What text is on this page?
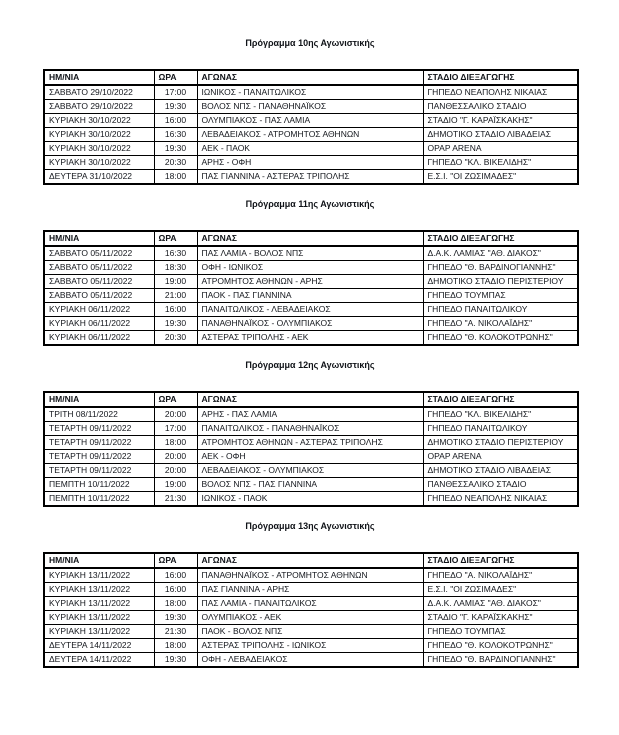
Πρόγραμμα 10ης Αγωνιστικής
ΗΜ/ΝΙΑ	ΩΡΑ	ΑΓΩΝΑΣ	ΣΤΑΔΙΟ ΔΙΕΞΑΓΩΓΗΣ
ΣΑΒΒΑΤΟ 29/10/2022	17:00	ΙΩΝΙΚΟΣ - ΠΑΝΑΙΤΩΛΙΚΟΣ	ΓΗΠΕΔΟ ΝΕΑΠΟΛΗΣ ΝΙΚΑΙΑΣ
ΣΑΒΒΑΤΟ 29/10/2022	19:30	ΒΟΛΟΣ ΝΠΣ - ΠΑΝΑΘΗΝΑΪΚΟΣ	ΠΑΝΘΕΣΣΑΛΙΚΟ ΣΤΑΔΙΟ
ΚΥΡΙΑΚΗ 30/10/2022	16:00	ΟΛΥΜΠΙΑΚΟΣ - ΠΑΣ ΛΑΜΙΑ	ΣΤΑΔΙΟ "Γ. ΚΑΡΑΪΣΚΑΚΗΣ"
ΚΥΡΙΑΚΗ 30/10/2022	16:30	ΛΕΒΑΔΕΙΑΚΟΣ - ΑΤΡΟΜΗΤΟΣ ΑΘΗΝΩΝ	ΔΗΜΟΤΙΚΟ ΣΤΑΔΙΟ ΛΙΒΑΔΕΙΑΣ
ΚΥΡΙΑΚΗ 30/10/2022	19:30	ΑΕΚ - ΠΑΟΚ	OPAP ARENA
ΚΥΡΙΑΚΗ 30/10/2022	20:30	ΑΡΗΣ - ΟΦΗ	ΓΗΠΕΔΟ "ΚΛ. ΒΙΚΕΛΙΔΗΣ"
ΔΕΥΤΕΡΑ 31/10/2022	18:00	ΠΑΣ ΓΙΑΝΝΙΝΑ - ΑΣΤΕΡΑΣ ΤΡΙΠΟΛΗΣ	Ε.Σ.Ι. "ΟΙ ΖΩΣΙΜΑΔΕΣ"
Πρόγραμμα 11ης Αγωνιστικής
ΗΜ/ΝΙΑ	ΩΡΑ	ΑΓΩΝΑΣ	ΣΤΑΔΙΟ ΔΙΕΞΑΓΩΓΗΣ
ΣΑΒΒΑΤΟ 05/11/2022	16:30	ΠΑΣ ΛΑΜΙΑ - ΒΟΛΟΣ ΝΠΣ	Δ.Α.Κ. ΛΑΜΙΑΣ "ΑΘ. ΔΙΑΚΟΣ"
ΣΑΒΒΑΤΟ 05/11/2022	18:30	ΟΦΗ - ΙΩΝΙΚΟΣ	ΓΗΠΕΔΟ "Θ. ΒΑΡΔΙΝΟΓΙΑΝΝΗΣ"
ΣΑΒΒΑΤΟ 05/11/2022	19:00	ΑΤΡΟΜΗΤΟΣ ΑΘΗΝΩΝ - ΑΡΗΣ	ΔΗΜΟΤΙΚΟ ΣΤΑΔΙΟ ΠΕΡΙΣΤΕΡΙΟΥ
ΣΑΒΒΑΤΟ 05/11/2022	21:00	ΠΑΟΚ - ΠΑΣ ΓΙΑΝΝΙΝΑ	ΓΗΠΕΔΟ ΤΟΥΜΠΑΣ
ΚΥΡΙΑΚΗ 06/11/2022	16:00	ΠΑΝΑΙΤΩΛΙΚΟΣ - ΛΕΒΑΔΕΙΑΚΟΣ	ΓΗΠΕΔΟ ΠΑΝΑΙΤΩΛΙΚΟΥ
ΚΥΡΙΑΚΗ 06/11/2022	19:30	ΠΑΝΑΘΗΝΑΪΚΟΣ - ΟΛΥΜΠΙΑΚΟΣ	ΓΗΠΕΔΟ "Α. ΝΙΚΟΛΑΪΔΗΣ"
ΚΥΡΙΑΚΗ 06/11/2022	20:30	ΑΣΤΕΡΑΣ ΤΡΙΠΟΛΗΣ - ΑΕΚ	ΓΗΠΕΔΟ "Θ. ΚΟΛΟΚΟΤΡΩΝΗΣ"
Πρόγραμμα 12ης Αγωνιστικής
ΗΜ/ΝΙΑ	ΩΡΑ	ΑΓΩΝΑΣ	ΣΤΑΔΙΟ ΔΙΕΞΑΓΩΓΗΣ
ΤΡΙΤΗ 08/11/2022	20:00	ΑΡΗΣ - ΠΑΣ ΛΑΜΙΑ	ΓΗΠΕΔΟ "ΚΛ. ΒΙΚΕΛΙΔΗΣ"
ΤΕΤΑΡΤΗ 09/11/2022	17:00	ΠΑΝΑΙΤΩΛΙΚΟΣ - ΠΑΝΑΘΗΝΑΪΚΟΣ	ΓΗΠΕΔΟ ΠΑΝΑΙΤΩΛΙΚΟΥ
ΤΕΤΑΡΤΗ 09/11/2022	18:00	ΑΤΡΟΜΗΤΟΣ ΑΘΗΝΩΝ - ΑΣΤΕΡΑΣ ΤΡΙΠΟΛΗΣ	ΔΗΜΟΤΙΚΟ ΣΤΑΔΙΟ ΠΕΡΙΣΤΕΡΙΟΥ
ΤΕΤΑΡΤΗ 09/11/2022	20:00	ΑΕΚ - ΟΦΗ	OPAP ARENA
ΤΕΤΑΡΤΗ 09/11/2022	20:00	ΛΕΒΑΔΕΙΑΚΟΣ - ΟΛΥΜΠΙΑΚΟΣ	ΔΗΜΟΤΙΚΟ ΣΤΑΔΙΟ ΛΙΒΑΔΕΙΑΣ
ΠΕΜΠΤΗ 10/11/2022	19:00	ΒΟΛΟΣ ΝΠΣ - ΠΑΣ ΓΙΑΝΝΙΝΑ	ΠΑΝΘΕΣΣΑΛΙΚΟ ΣΤΑΔΙΟ
ΠΕΜΠΤΗ 10/11/2022	21:30	ΙΩΝΙΚΟΣ - ΠΑΟΚ	ΓΗΠΕΔΟ ΝΕΑΠΟΛΗΣ ΝΙΚΑΙΑΣ
Πρόγραμμα 13ης Αγωνιστικής
ΗΜ/ΝΙΑ	ΩΡΑ	ΑΓΩΝΑΣ	ΣΤΑΔΙΟ ΔΙΕΞΑΓΩΓΗΣ
ΚΥΡΙΑΚΗ 13/11/2022	16:00	ΠΑΝΑΘΗΝΑΪΚΟΣ - ΑΤΡΟΜΗΤΟΣ ΑΘΗΝΩΝ	ΓΗΠΕΔΟ "Α. ΝΙΚΟΛΑΪΔΗΣ"
ΚΥΡΙΑΚΗ 13/11/2022	16:00	ΠΑΣ ΓΙΑΝΝΙΝΑ - ΑΡΗΣ	Ε.Σ.Ι. "ΟΙ ΖΩΣΙΜΑΔΕΣ"
ΚΥΡΙΑΚΗ 13/11/2022	18:00	ΠΑΣ ΛΑΜΙΑ - ΠΑΝΑΙΤΩΛΙΚΟΣ	Δ.Α.Κ. ΛΑΜΙΑΣ "ΑΘ. ΔΙΑΚΟΣ"
ΚΥΡΙΑΚΗ 13/11/2022	19:30	ΟΛΥΜΠΙΑΚΟΣ - ΑΕΚ	ΣΤΑΔΙΟ "Γ. ΚΑΡΑΪΣΚΑΚΗΣ"
ΚΥΡΙΑΚΗ 13/11/2022	21:30	ΠΑΟΚ - ΒΟΛΟΣ ΝΠΣ	ΓΗΠΕΔΟ ΤΟΥΜΠΑΣ
ΔΕΥΤΕΡΑ 14/11/2022	18:00	ΑΣΤΕΡΑΣ ΤΡΙΠΟΛΗΣ - ΙΩΝΙΚΟΣ	ΓΗΠΕΔΟ "Θ. ΚΟΛΟΚΟΤΡΩΝΗΣ"
ΔΕΥΤΕΡΑ 14/11/2022	19:30	ΟΦΗ - ΛΕΒΑΔΕΙΑΚΟΣ	ΓΗΠΕΔΟ "Θ. ΒΑΡΔΙΝΟΓΙΑΝΝΗΣ"
